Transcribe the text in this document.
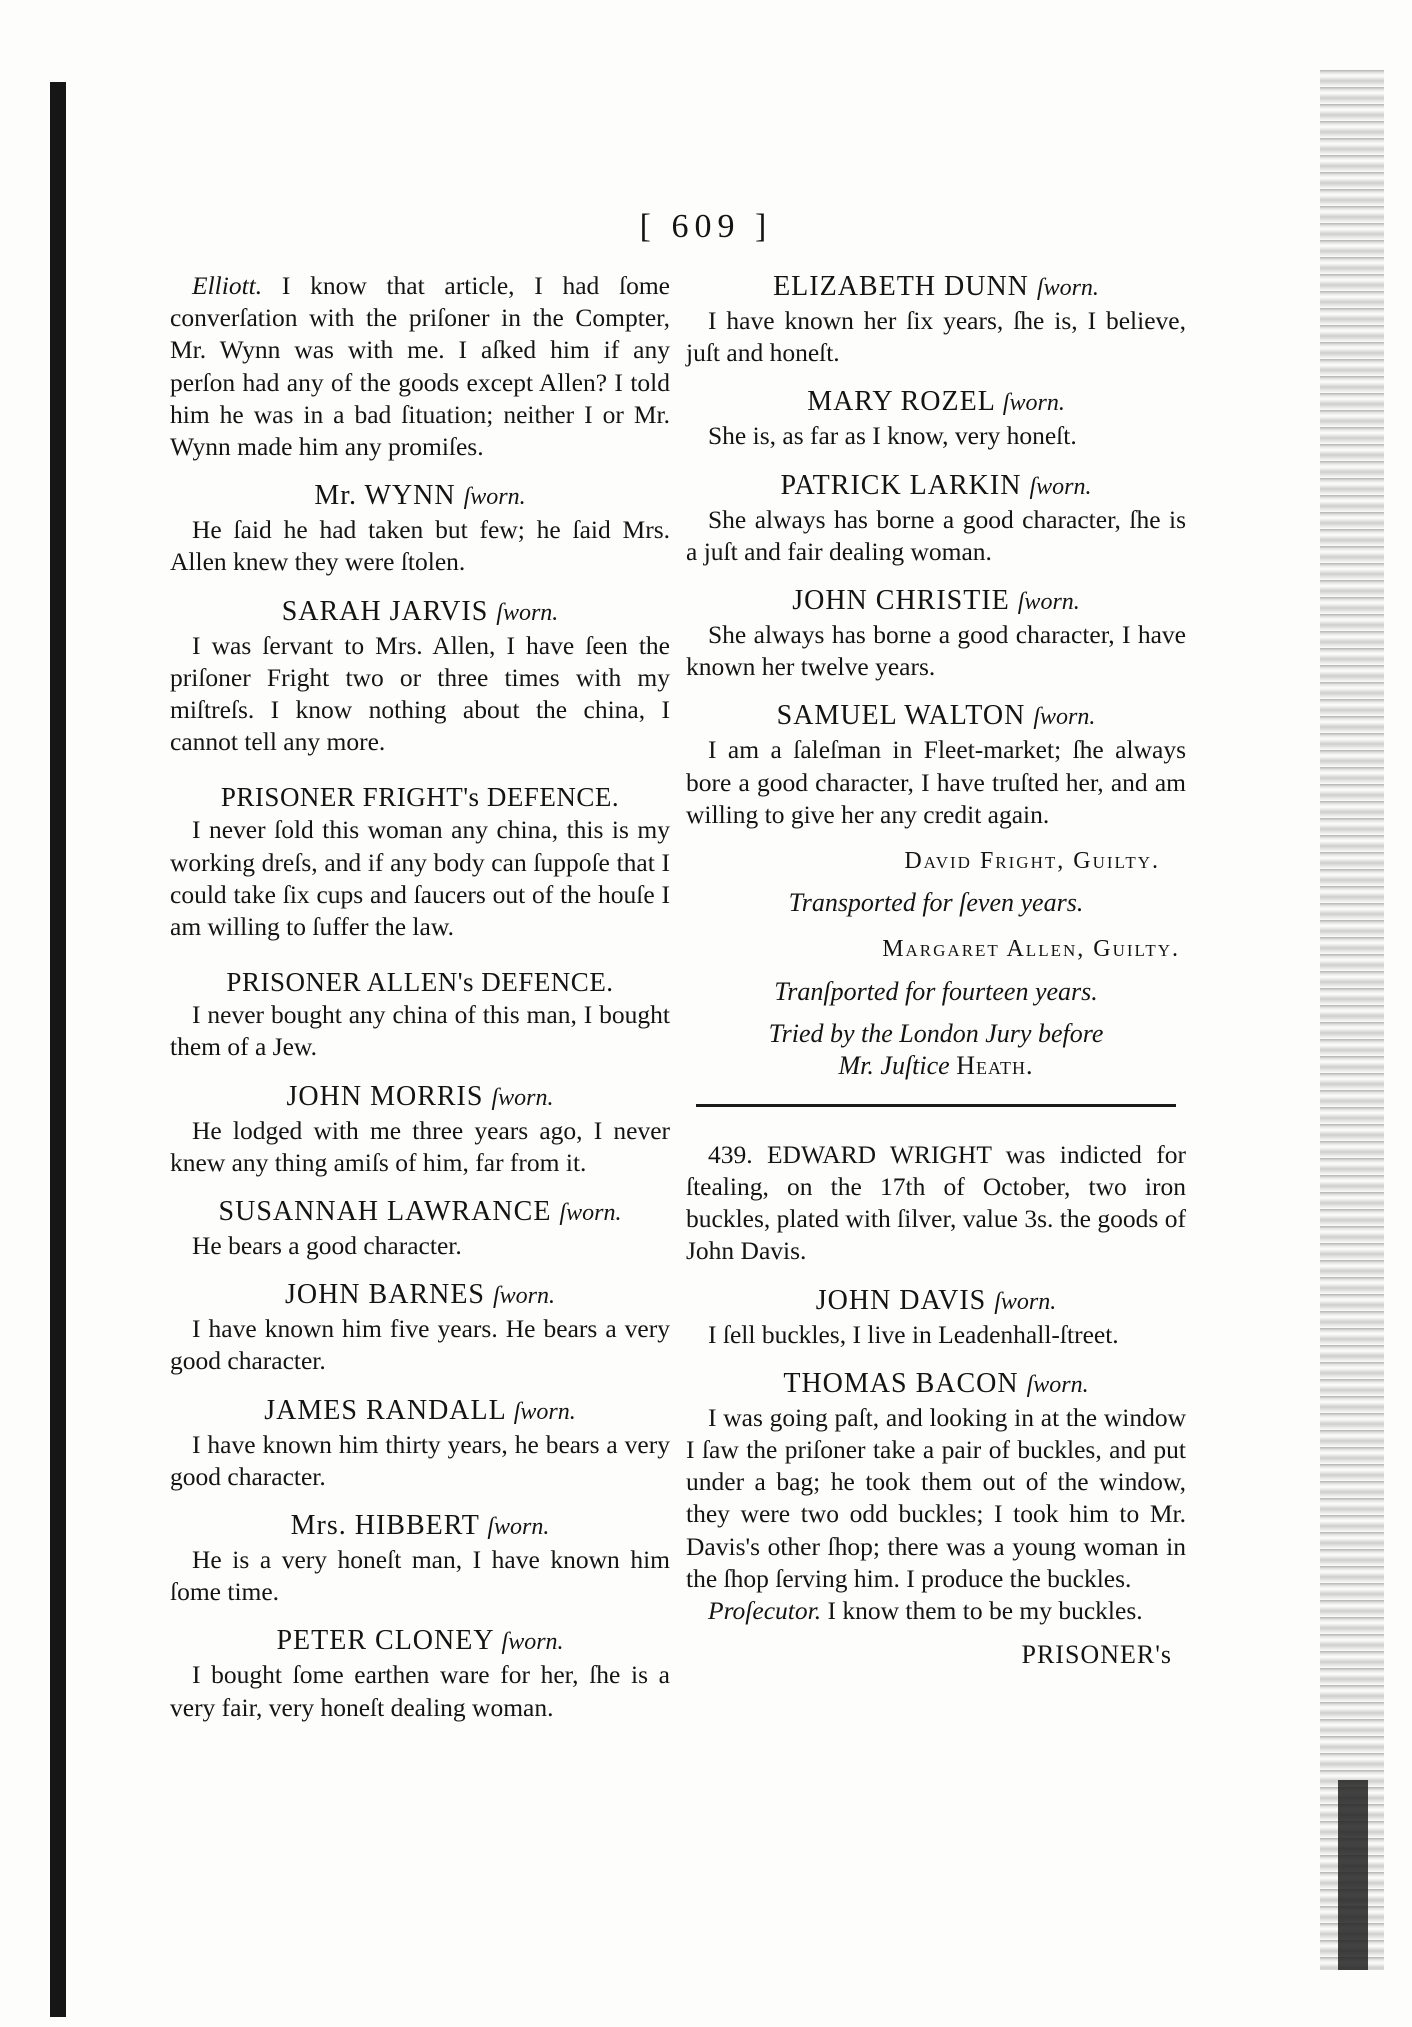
[ 609 ]

Elliott. I know that article, I had ſome converſation with the priſoner in the Compter, Mr. Wynn was with me. I aſked him if any perſon had any of the goods except Allen? I told him he was in a bad ſituation; neither I or Mr. Wynn made him any promiſes.

Mr. WYNN ſworn.

He ſaid he had taken but few; he ſaid Mrs. Allen knew they were ſtolen.

SARAH JARVIS ſworn.

I was ſervant to Mrs. Allen, I have ſeen the priſoner Fright two or three times with my miſtreſs. I know nothing about the china, I cannot tell any more.

PRISONER FRIGHT's DEFENCE.

I never ſold this woman any china, this is my working dreſs, and if any body can ſuppoſe that I could take ſix cups and ſaucers out of the houſe I am willing to ſuffer the law.

PRISONER ALLEN's DEFENCE.

I never bought any china of this man, I bought them of a Jew.

JOHN MORRIS ſworn.

He lodged with me three years ago, I never knew any thing amiſs of him, far from it.

SUSANNAH LAWRANCE ſworn.

He bears a good character.

JOHN BARNES ſworn.

I have known him five years. He bears a very good character.

JAMES RANDALL ſworn.

I have known him thirty years, he bears a very good character.

Mrs. HIBBERT ſworn.

He is a very honeſt man, I have known him ſome time.

PETER CLONEY ſworn.

I bought ſome earthen ware for her, ſhe is a very fair, very honeſt dealing woman.

ELIZABETH DUNN ſworn.

I have known her ſix years, ſhe is, I believe, juſt and honeſt.

MARY ROZEL ſworn.

She is, as far as I know, very honeſt.

PATRICK LARKIN ſworn.

She always has borne a good character, ſhe is a juſt and fair dealing woman.

JOHN CHRISTIE ſworn.

She always has borne a good character, I have known her twelve years.

SAMUEL WALTON ſworn.

I am a ſaleſman in Fleet-market; ſhe always bore a good character, I have truſted her, and am willing to give her any credit again.

David Fright, Guilty.
Transported for ſeven years.
Margaret Allen, Guilty.
Tranſported for fourteen years.
Tried by the London Jury before
Mr. Juſtice Heath.

439. EDWARD WRIGHT was indicted for ſtealing, on the 17th of October, two iron buckles, plated with ſilver, value 3s. the goods of John Davis.

JOHN DAVIS ſworn.

I ſell buckles, I live in Leadenhall-ſtreet.

THOMAS BACON ſworn.

I was going paſt, and looking in at the window I ſaw the priſoner take a pair of buckles, and put under a bag; he took them out of the window, they were two odd buckles; I took him to Mr. Davis's other ſhop; there was a young woman in the ſhop ſerving him. I produce the buckles.

Proſecutor. I know them to be my buckles.

PRISONER's
